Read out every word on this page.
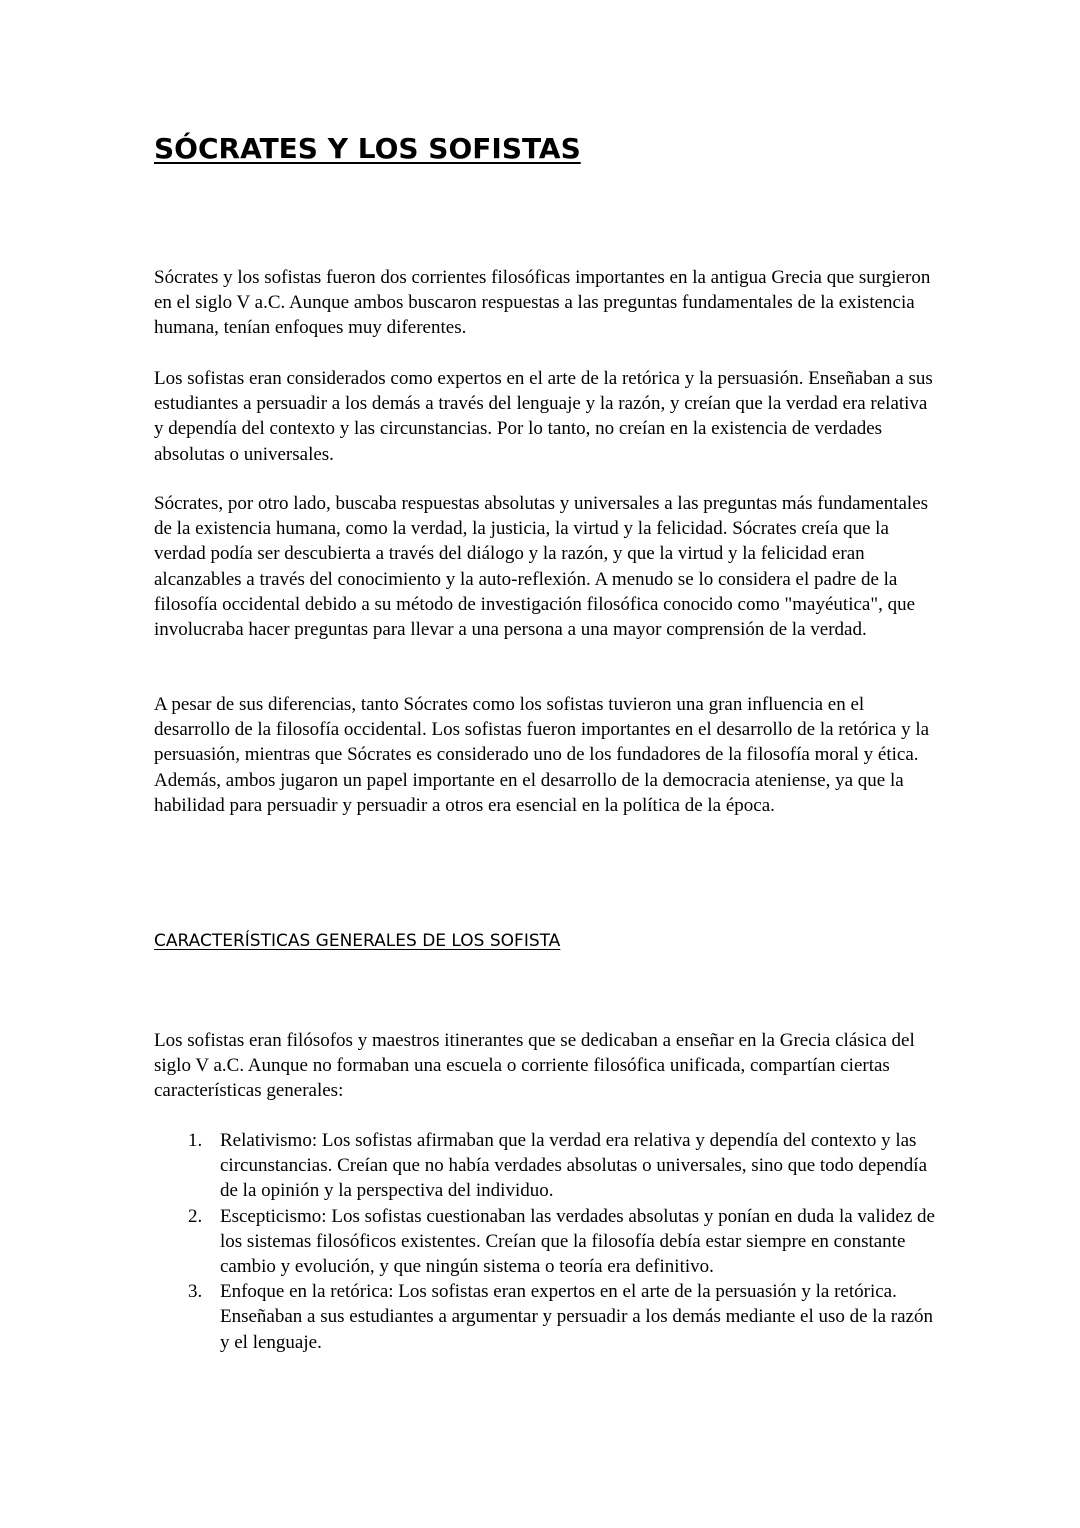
SÓCRATES Y LOS SOFISTAS

Sócrates y los sofistas fueron dos corrientes filosóficas importantes en la antigua Grecia que surgieron en el siglo V a.C. Aunque ambos buscaron respuestas a las preguntas fundamentales de la existencia humana, tenían enfoques muy diferentes.

Los sofistas eran considerados como expertos en el arte de la retórica y la persuasión. Enseñaban a sus estudiantes a persuadir a los demás a través del lenguaje y la razón, y creían que la verdad era relativa y dependía del contexto y las circunstancias. Por lo tanto, no creían en la existencia de verdades absolutas o universales.

Sócrates, por otro lado, buscaba respuestas absolutas y universales a las preguntas más fundamentales de la existencia humana, como la verdad, la justicia, la virtud y la felicidad. Sócrates creía que la verdad podía ser descubierta a través del diálogo y la razón, y que la virtud y la felicidad eran alcanzables a través del conocimiento y la auto-reflexión. A menudo se lo considera el padre de la filosofía occidental debido a su método de investigación filosófica conocido como "mayéutica", que involucraba hacer preguntas para llevar a una persona a una mayor comprensión de la verdad.

A pesar de sus diferencias, tanto Sócrates como los sofistas tuvieron una gran influencia en el desarrollo de la filosofía occidental. Los sofistas fueron importantes en el desarrollo de la retórica y la persuasión, mientras que Sócrates es considerado uno de los fundadores de la filosofía moral y ética. Además, ambos jugaron un papel importante en el desarrollo de la democracia ateniense, ya que la habilidad para persuadir y persuadir a otros era esencial en la política de la época.

CARACTERÍSTICAS GENERALES DE LOS SOFISTA

Los sofistas eran filósofos y maestros itinerantes que se dedicaban a enseñar en la Grecia clásica del siglo V a.C. Aunque no formaban una escuela o corriente filosófica unificada, compartían ciertas características generales:

1. Relativismo: Los sofistas afirmaban que la verdad era relativa y dependía del contexto y las circunstancias. Creían que no había verdades absolutas o universales, sino que todo dependía de la opinión y la perspectiva del individuo.
2. Escepticismo: Los sofistas cuestionaban las verdades absolutas y ponían en duda la validez de los sistemas filosóficos existentes. Creían que la filosofía debía estar siempre en constante cambio y evolución, y que ningún sistema o teoría era definitivo.
3. Enfoque en la retórica: Los sofistas eran expertos en el arte de la persuasión y la retórica. Enseñaban a sus estudiantes a argumentar y persuadir a los demás mediante el uso de la razón y el lenguaje.
